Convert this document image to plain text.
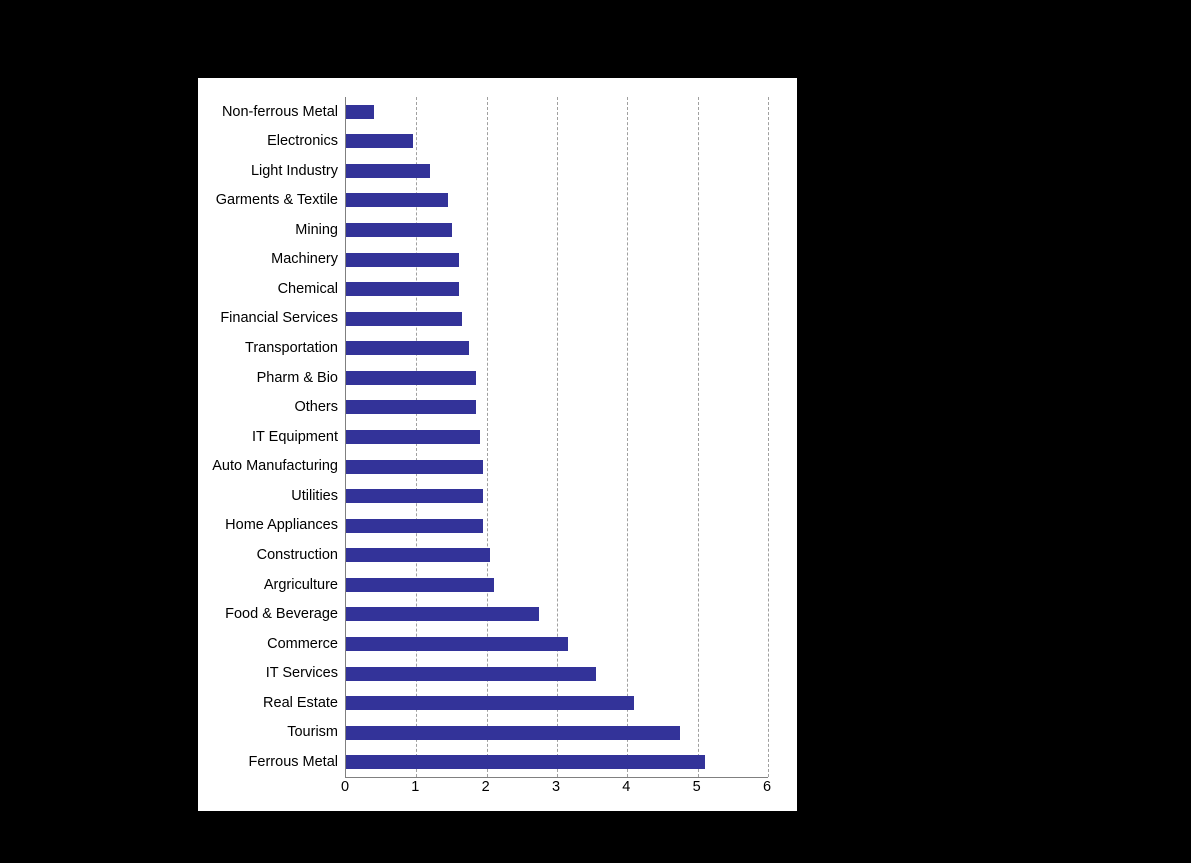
Non-ferrous Metal
Electronics
Light Industry
Garments & Textile
Mining
Machinery
Chemical
Financial Services
Transportation
Pharm & Bio
Others
IT Equipment
Auto Manufacturing
Utilities
Home Appliances
Construction
Argriculture
Food & Beverage
Commerce
IT Services
Real Estate
Tourism
Ferrous Metal
0	1	2	3	4	5	6
